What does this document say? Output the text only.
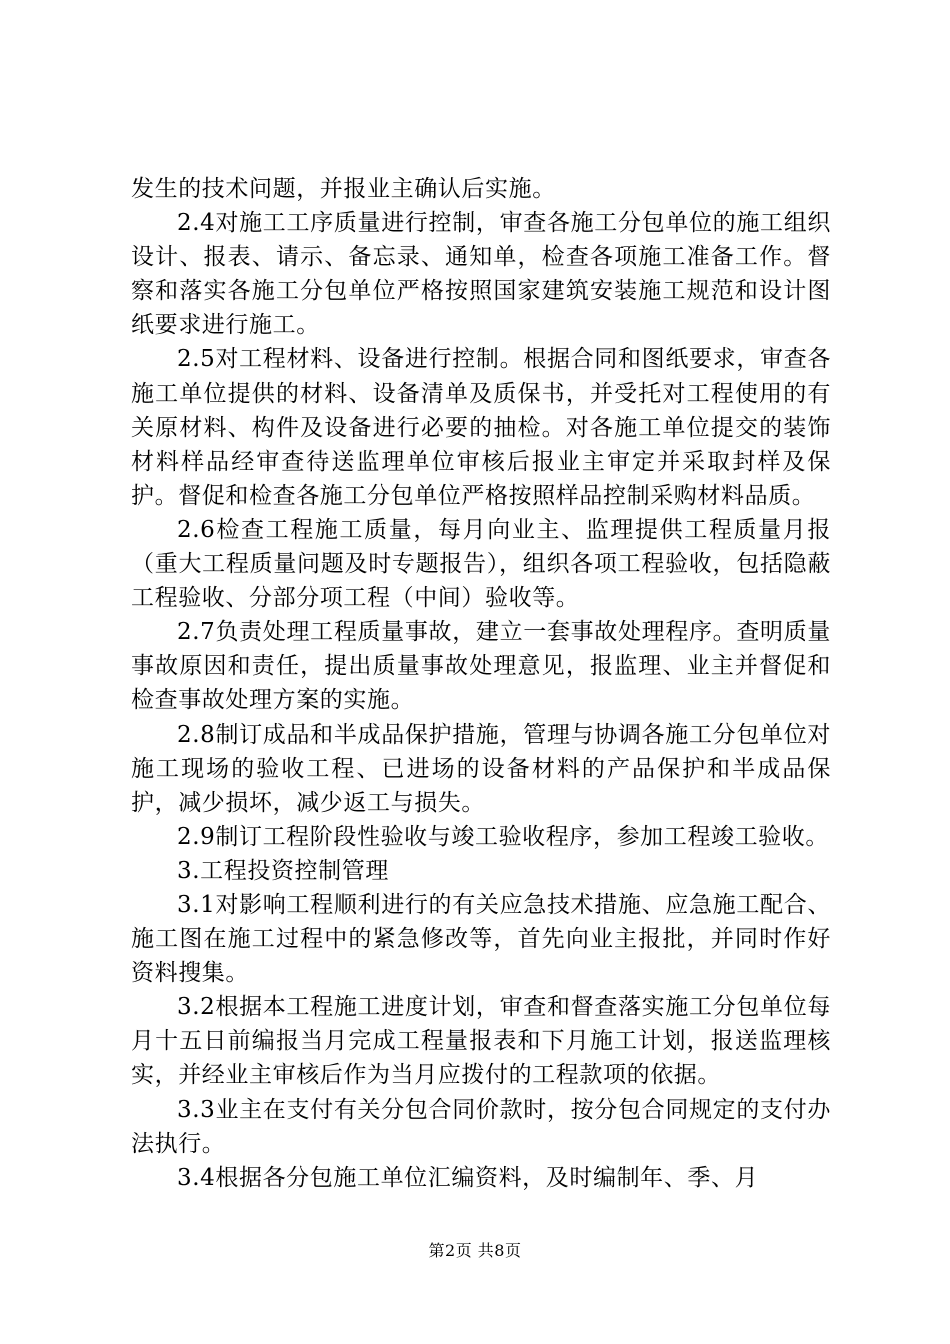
发生的技术问题，并报业主确认后实施。

2.4对施工工序质量进行控制，审查各施工分包单位的施工组织设计、报表、请示、备忘录、通知单，检查各项施工准备工作。督察和落实各施工分包单位严格按照国家建筑安装施工规范和设计图纸要求进行施工。

2.5对工程材料、设备进行控制。根据合同和图纸要求，审查各施工单位提供的材料、设备清单及质保书，并受托对工程使用的有关原材料、构件及设备进行必要的抽检。对各施工单位提交的装饰材料样品经审查待送监理单位审核后报业主审定并采取封样及保护。督促和检查各施工分包单位严格按照样品控制采购材料品质。

2.6检查工程施工质量，每月向业主、监理提供工程质量月报（重大工程质量问题及时专题报告），组织各项工程验收，包括隐蔽工程验收、分部分项工程（中间）验收等。

2.7负责处理工程质量事故，建立一套事故处理程序。查明质量事故原因和责任，提出质量事故处理意见，报监理、业主并督促和检查事故处理方案的实施。

2.8制订成品和半成品保护措施，管理与协调各施工分包单位对施工现场的验收工程、已进场的设备材料的产品保护和半成品保护，减少损坏，减少返工与损失。

2.9制订工程阶段性验收与竣工验收程序，参加工程竣工验收。

3.工程投资控制管理

3.1对影响工程顺利进行的有关应急技术措施、应急施工配合、施工图在施工过程中的紧急修改等，首先向业主报批，并同时作好资料搜集。

3.2根据本工程施工进度计划，审查和督查落实施工分包单位每月十五日前编报当月完成工程量报表和下月施工计划，报送监理核实，并经业主审核后作为当月应拨付的工程款项的依据。

3.3业主在支付有关分包合同价款时，按分包合同规定的支付办法执行。

3.4根据各分包施工单位汇编资料，及时编制年、季、月

第2页 共8页
